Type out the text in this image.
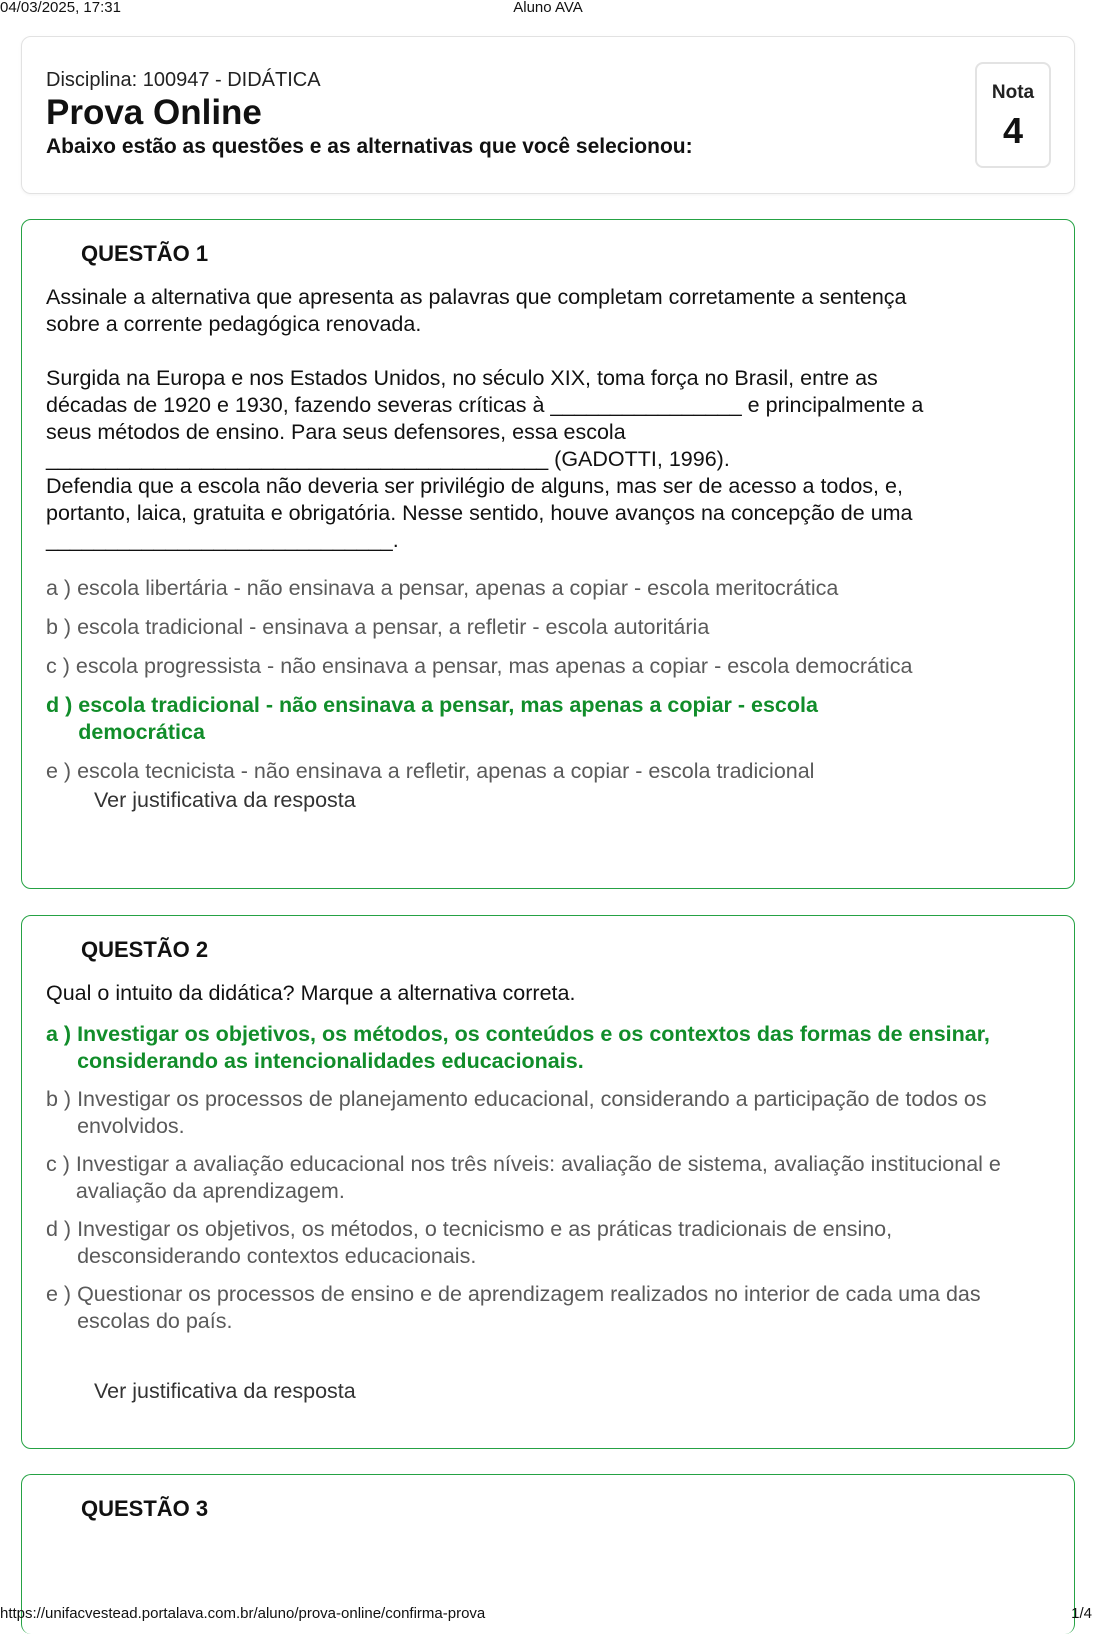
04/03/2025, 17:31	Aluno AVA
Disciplina: 100947 - DIDÁTICA
Prova Online
Abaixo estão as questões e as alternativas que você selecionou:
Nota
4
QUESTÃO 1

Assinale a alternativa que apresenta as palavras que completam corretamente a sentença

sobre a corrente pedagógica renovada.

Surgida na Europa e nos Estados Unidos, no século XIX, toma força no Brasil, entre as

décadas de 1920 e 1930, fazendo severas críticas à ________________ e principalmente a

seus métodos de ensino. Para seus defensores, essa escola

__________________________________________ (GADOTTI, 1996).

Defendia que a escola não deveria ser privilégio de alguns, mas ser de acesso a todos, e,

portanto, laica, gratuita e obrigatória. Nesse sentido, houve avanços na concepção de uma

_____________________________.

a ) escola libertária - não ensinava a pensar, apenas a copiar - escola meritocrática
b ) escola tradicional - ensinava a pensar, a refletir - escola autoritária
c ) escola progressista - não ensinava a pensar, mas apenas a copiar - escola democrática
d ) escola tradicional - não ensinava a pensar, mas apenas a copiar - escola democrática
e ) escola tecnicista - não ensinava a refletir, apenas a copiar - escola tradicional
Ver justificativa da resposta
QUESTÃO 2

Qual o intuito da didática? Marque a alternativa correta.

a ) Investigar os objetivos, os métodos, os conteúdos e os contextos das formas de ensinar, considerando as intencionalidades educacionais.
b ) Investigar os processos de planejamento educacional, considerando a participação de todos os envolvidos.
c ) Investigar a avaliação educacional nos três níveis: avaliação de sistema, avaliação institucional e avaliação da aprendizagem.
d ) Investigar os objetivos, os métodos, o tecnicismo e as práticas tradicionais de ensino, desconsiderando contextos educacionais.
e ) Questionar os processos de ensino e de aprendizagem realizados no interior de cada uma das escolas do país.
Ver justificativa da resposta
QUESTÃO 3
https://unifacvestead.portalava.com.br/aluno/prova-online/confirma-prova	1/4
